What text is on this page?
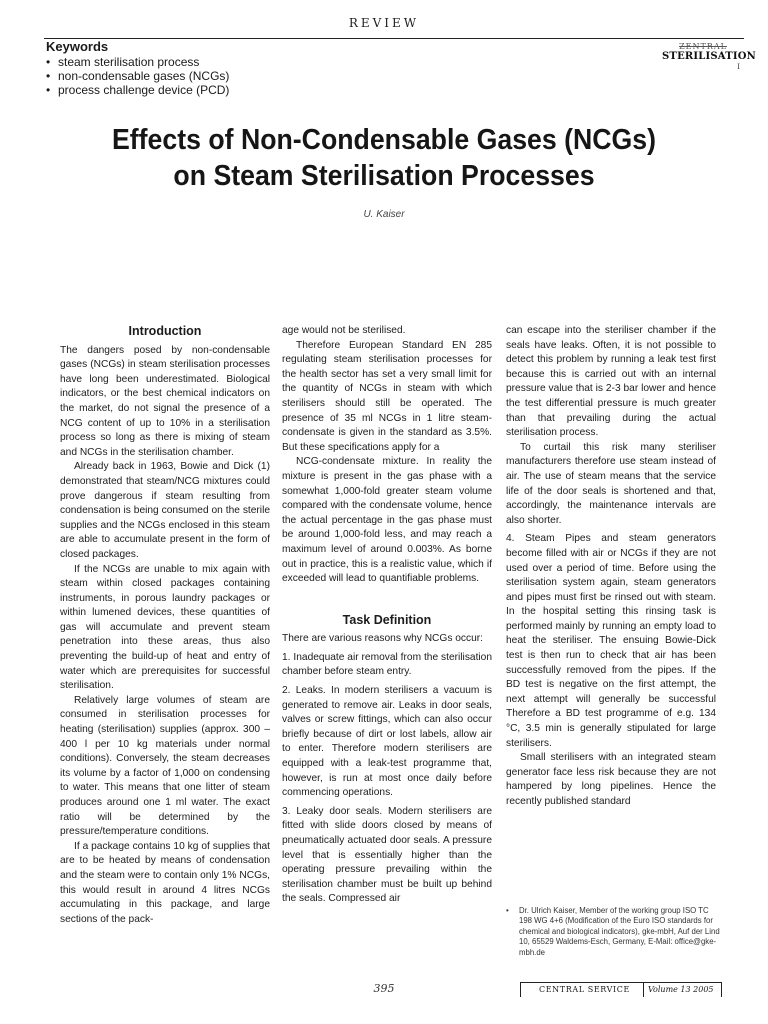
REVIEW
Keywords
• steam sterilisation process
• non-condensable gases (NCGs)
• process challenge device (PCD)
ZENTRAL
STERILISATION
I
Effects of Non-Condensable Gases (NCGs)
on Steam Sterilisation Processes
U. Kaiser
Introduction

The dangers posed by non-condensable gases (NCGs) in steam sterilisation processes have long been underestimated. Biological indicators, or the best chemical indicators on the market, do not signal the presence of a NCG content of up to 10% in a sterilisation process so long as there is mixing of steam and NCGs in the sterilisation chamber.

Already back in 1963, Bowie and Dick (1) demonstrated that steam/NCG mixtures could prove dangerous if steam resulting from condensation is being consumed on the sterile supplies and the NCGs enclosed in this steam are able to accumulate present in the form of closed packages.

If the NCGs are unable to mix again with steam within closed packages containing instruments, in porous laundry packages or within lumened devices, these quantities of gas will accumulate and prevent steam penetration into these areas, thus also preventing the build-up of heat and entry of water which are prerequisites for successful sterilisation.

Relatively large volumes of steam are consumed in sterilisation processes for heating (sterilisation) supplies (approx. 300 – 400 l per 10 kg materials under normal conditions). Conversely, the steam decreases its volume by a factor of 1,000 on condensing to water. This means that one litter of steam produces around one 1 ml water. The exact ratio will be determined by the pressure/temperature conditions.

If a package contains 10 kg of supplies that are to be heated by means of condensation and the steam were to contain only 1% NCGs, this would result in around 4 litres NCGs accumulating in this package, and large sections of the pack-

age would not be sterilised.

Therefore European Standard EN 285 regulating steam sterilisation processes for the health sector has set a very small limit for the quantity of NCGs in steam with which sterilisers should still be operated. The presence of 35 ml NCGs in 1 litre steam-condensate is given in the standard as 3.5%. But these specifications apply for a

NCG-condensate mixture. In reality the mixture is present in the gas phase with a somewhat 1,000-fold greater steam volume compared with the condensate volume, hence the actual percentage in the gas phase must be around 1,000-fold less, and may reach a maximum level of around 0.003%. As borne out in practice, this is a realistic value, which if exceeded will lead to quantifiable problems.

Task Definition

There are various reasons why NCGs occur:

1. Inadequate air removal from the sterilisation chamber before steam entry.

2. Leaks. In modern sterilisers a vacuum is generated to remove air. Leaks in door seals, valves or screw fittings, which can also occur briefly because of dirt or lost labels, allow air to enter. Therefore modern sterilisers are equipped with a leak-test programme that, however, is run at most once daily before commencing operations.

3. Leaky door seals. Modern sterilisers are fitted with slide doors closed by means of pneumatically actuated door seals. A pressure level that is essentially higher than the operating pressure prevailing within the sterilisation chamber must be built up behind the seals. Compressed air

can escape into the steriliser chamber if the seals have leaks. Often, it is not possible to detect this problem by running a leak test first because this is carried out with an internal pressure value that is 2-3 bar lower and hence the test differential pressure is much greater than that prevailing during the actual sterilisation process.

To curtail this risk many steriliser manufacturers therefore use steam instead of air. The use of steam means that the service life of the door seals is shortened and that, accordingly, the maintenance intervals are also shorter.

4. Steam Pipes and steam generators become filled with air or NCGs if they are not used over a period of time. Before using the sterilisation system again, steam generators and pipes must first be rinsed out with steam. In the hospital setting this rinsing task is performed mainly by running an empty load to heat the steriliser. The ensuing Bowie-Dick test is then run to check that air has been successfully removed from the pipes. If the BD test is negative on the first attempt, the next attempt will generally be successful Therefore a BD test programme of e.g. 134 °C, 3.5 min is generally stipulated for large sterilisers.

Small sterilisers with an integrated steam generator face less risk because they are not hampered by long pipelines. Hence the recently published standard

•	Dr. Ulrich Kaiser, Member of the working group ISO TC 198 WG 4+6 (Modification of the Euro ISO standards for chemical and biological indicators), gke-mbH, Auf der Lind 10, 65529 Waldems-Esch, Germany, E-Mail: office@gke-mbh.de
395	CENTRAL SERVICE	Volume 13 2005
